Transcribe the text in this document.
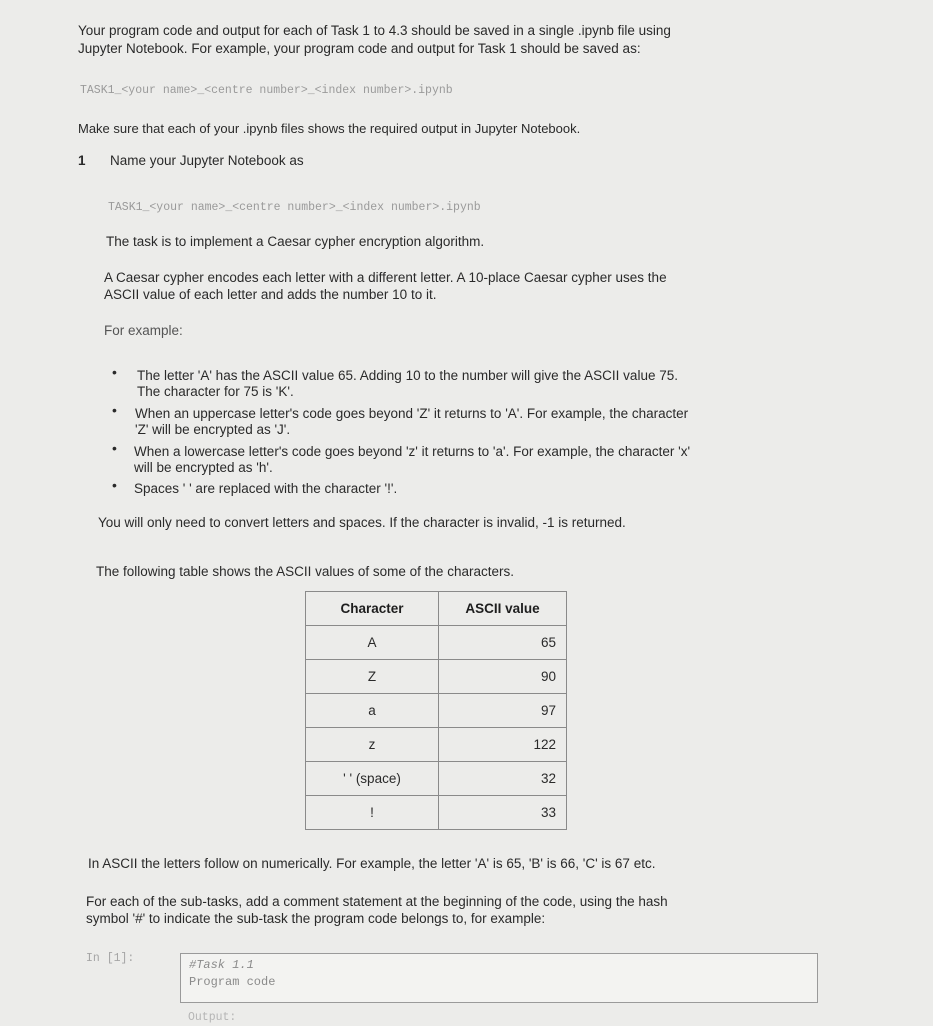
Your program code and output for each of Task 1 to 4.3 should be saved in a single .ipynb file using
Jupyter Notebook. For example, your program code and output for Task 1 should be saved as:
TASK1_<your name>_<centre number>_<index number>.ipynb
Make sure that each of your .ipynb files shows the required output in Jupyter Notebook.
1 Name your Jupyter Notebook as
TASK1_<your name>_<centre number>_<index number>.ipynb
The task is to implement a Caesar cypher encryption algorithm.
A Caesar cypher encodes each letter with a different letter. A 10-place Caesar cypher uses the
ASCII value of each letter and adds the number 10 to it.
For example:
• The letter 'A' has the ASCII value 65. Adding 10 to the number will give the ASCII value 75.
The character for 75 is 'K'.
• When an uppercase letter's code goes beyond 'Z' it returns to 'A'. For example, the character
'Z' will be encrypted as 'J'.
• When a lowercase letter's code goes beyond 'z' it returns to 'a'. For example, the character 'x'
will be encrypted as 'h'.
• Spaces ' ' are replaced with the character '!'.
You will only need to convert letters and spaces. If the character is invalid, -1 is returned.
The following table shows the ASCII values of some of the characters.
Character	ASCII value
A	65
Z	90
a	97
z	122
' ' (space)	32
!	33
In ASCII the letters follow on numerically. For example, the letter 'A' is 65, 'B' is 66, 'C' is 67 etc.
For each of the sub-tasks, add a comment statement at the beginning of the code, using the hash
symbol '#' to indicate the sub-task the program code belongs to, for example:
In [1]:	#Task 1.1
Program code
Output:
